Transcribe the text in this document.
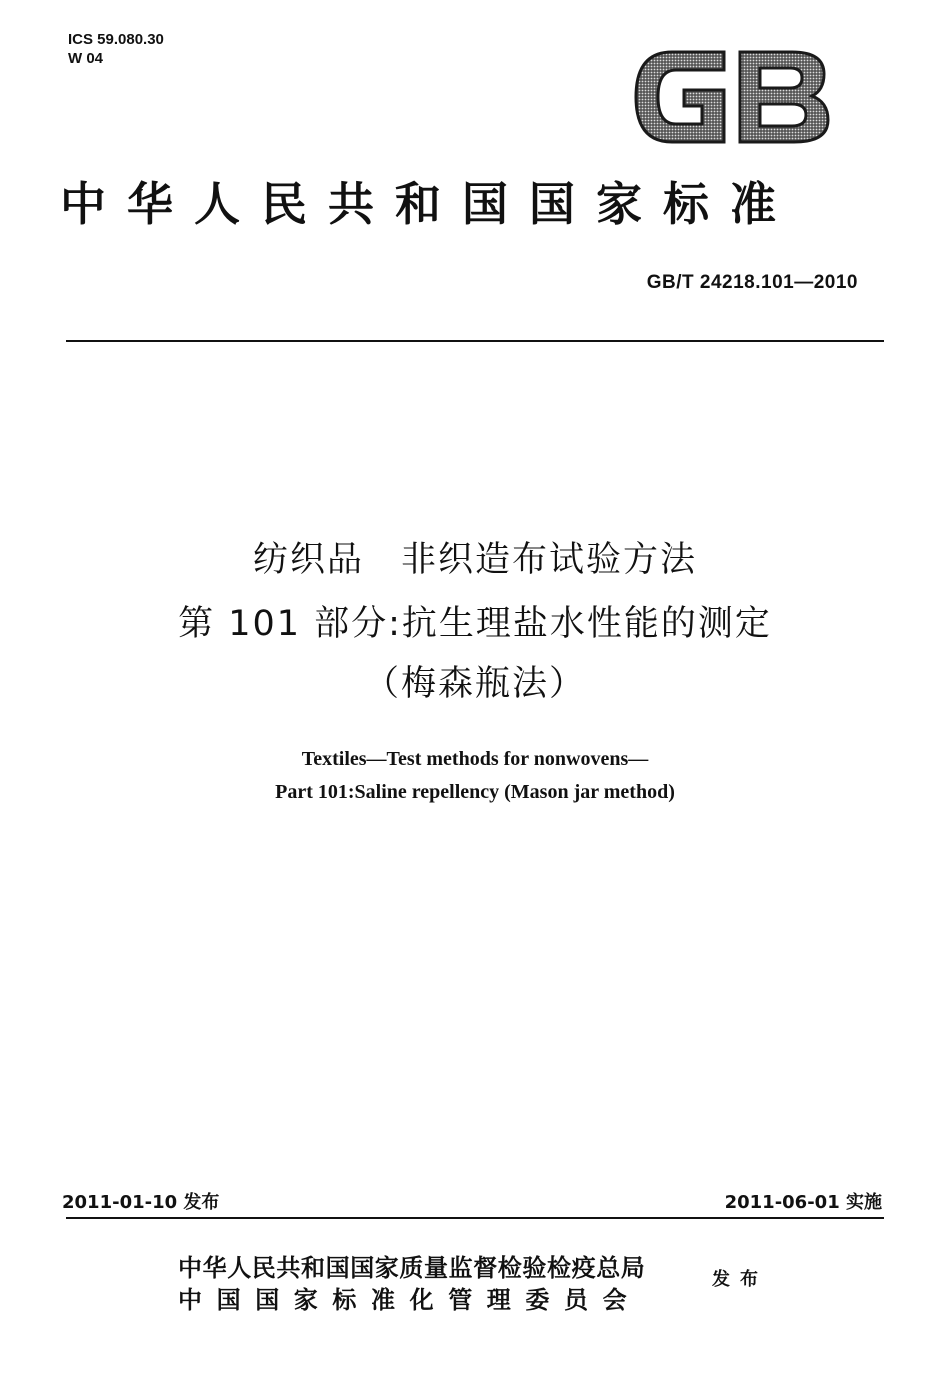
ICS 59.080.30
W 04
中华人民共和国国家标准
GB/T 24218.101—2010
纺织品　非织造布试验方法
第 101 部分:抗生理盐水性能的测定
（梅森瓶法）
Textiles—Test methods for nonwovens—
Part 101:Saline repellency (Mason jar method)
2011-01-10 发布	2011-06-01 实施
中华人民共和国国家质量监督检验检疫总局
中国国家标准化管理委员会
发布
